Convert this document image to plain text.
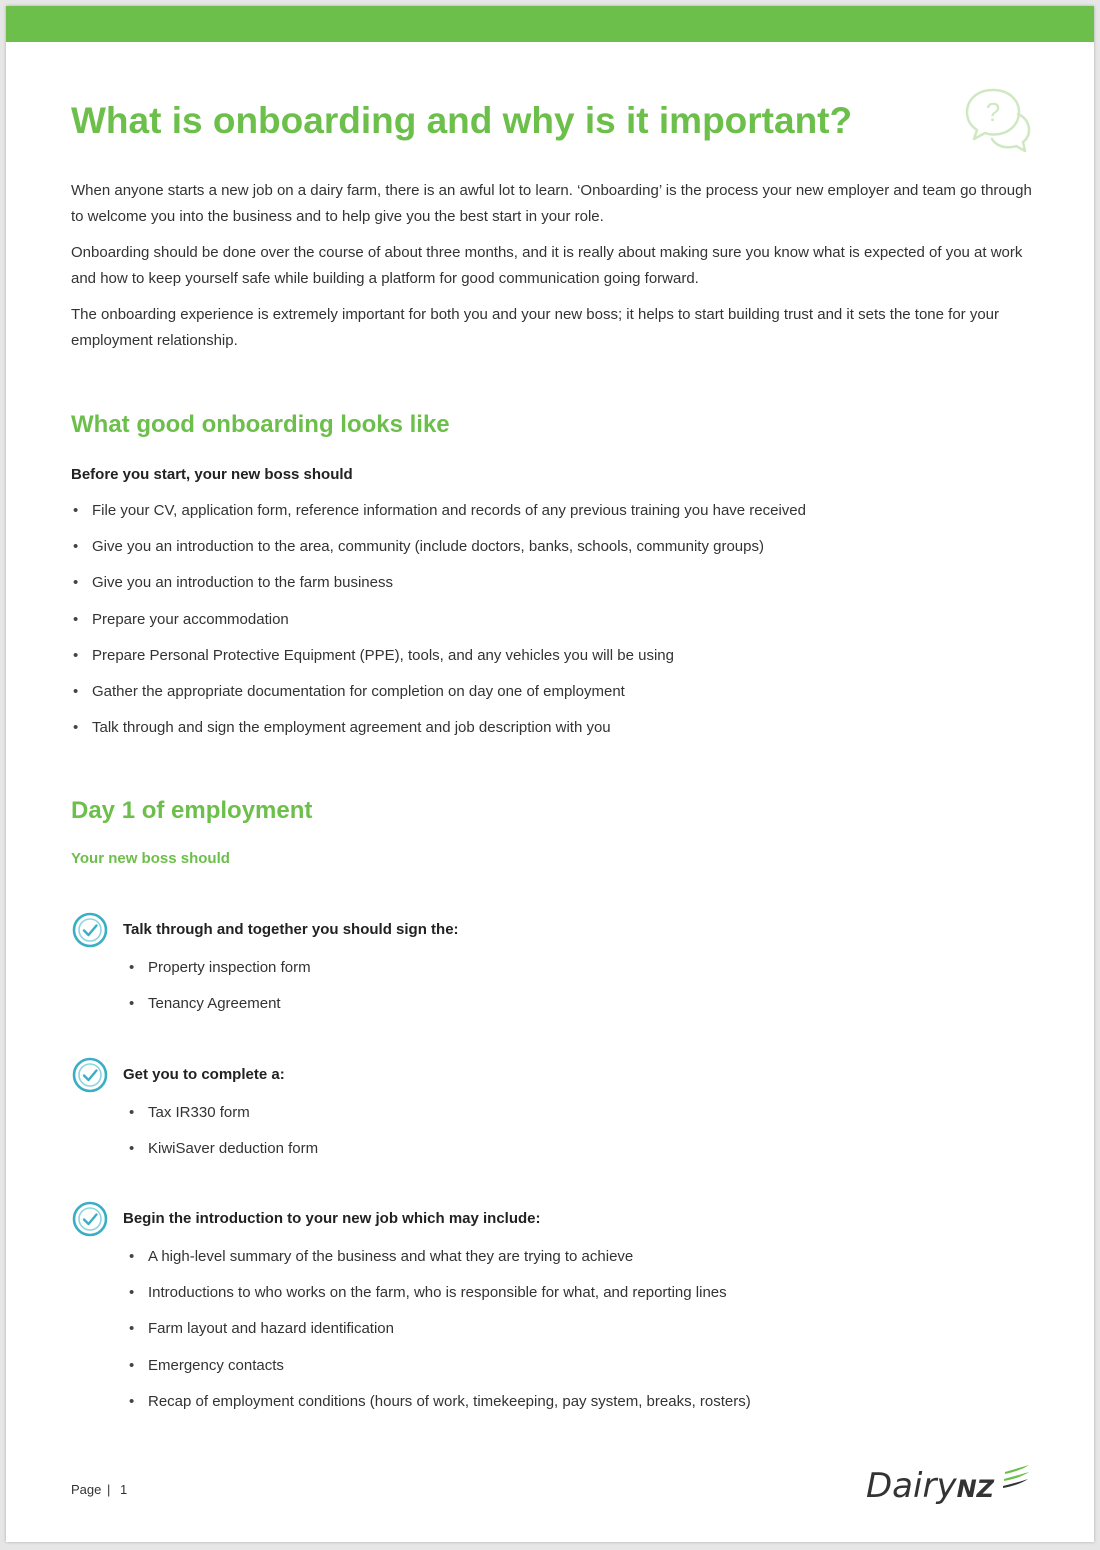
What is onboarding and why is it important?	?

When anyone starts a new job on a dairy farm, there is an awful lot to learn. ‘Onboarding’ is the process your new employer and team go through to welcome you into the business and to help give you the best start in your role.

Onboarding should be done over the course of about three months, and it is really about making sure you know what is expected of you at work and how to keep yourself safe while building a platform for good communication going forward.

The onboarding experience is extremely important for both you and your new boss; it helps to start building trust and it sets the tone for your employment relationship.

What good onboarding looks like
Before you start, your new boss should
• File your CV, application form, reference information and records of any previous training you have received
• Give you an introduction to the area, community (include doctors, banks, schools, community groups)
• Give you an introduction to the farm business
• Prepare your accommodation
• Prepare Personal Protective Equipment (PPE), tools, and any vehicles you will be using
• Gather the appropriate documentation for completion on day one of employment
• Talk through and sign the employment agreement and job description with you
Day 1 of employment
Your new boss should
Talk through and together you should sign the:
• Property inspection form
• Tenancy Agreement
Get you to complete a:
• Tax IR330 form
• KiwiSaver deduction form
Begin the introduction to your new job which may include:
• A high-level summary of the business and what they are trying to achieve
• Introductions to who works on the farm, who is responsible for what, and reporting lines
• Farm layout and hazard identification
• Emergency contacts
• Recap of employment conditions (hours of work, timekeeping, pay system, breaks, rosters)
Page | 1	DairyNZ
